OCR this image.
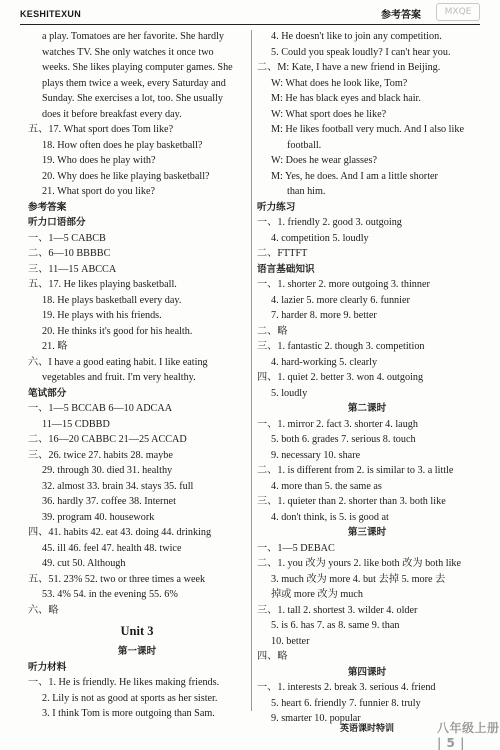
KESHITEXUN	参考答案	MXQE
a play. Tomatoes are her favorite. She hardly
watches TV. She only watches it once two
weeks. She likes playing computer games. She
plays them twice a week, every Saturday and
Sunday. She exercises a lot, too. She usually
does it before breakfast every day.
五、17. What sport does Tom like?
18. How often does he play basketball?
19. Who does he play with?
20. Why does he like playing basketball?
21. What sport do you like?
参考答案
听力口语部分
一、1—5 CABCB
二、6—10 BBBBC
三、11—15 ABCCA
五、17. He likes playing basketball.
18. He plays basketball every day.
19. He plays with his friends.
20. He thinks it's good for his health.
21. 略
六、I have a good eating habit. I like eating
vegetables and fruit. I'm very healthy.
笔试部分
一、1—5 BCCAB 6—10 ADCAA
11—15 CDBBD
二、16—20 CABBC 21—25 ACCAD
三、26. twice 27. habits 28. maybe
29. through 30. died 31. healthy
32. almost 33. brain 34. stays 35. full
36. hardly 37. coffee 38. Internet
39. program 40. housework
四、41. habits 42. eat 43. doing 44. drinking
45. ill 46. feel 47. health 48. twice
49. cut 50. Although
五、51. 23% 52. two or three times a week
53. 4% 54. in the evening 55. 6%
六、略
Unit 3
第一课时
听力材料
一、1. He is friendly. He likes making friends.
2. Lily is not as good at sports as her sister.
3. I think Tom is more outgoing than Sam.
4. He doesn't like to join any competition.
5. Could you speak loudly? I can't hear you.
二、M: Kate, I have a new friend in Beijing.
W: What does he look like, Tom?
M: He has black eyes and black hair.
W: What sport does he like?
M: He likes football very much. And I also like
football.
W: Does he wear glasses?
M: Yes, he does. And I am a little shorter
than him.
听力练习
一、1. friendly 2. good 3. outgoing
4. competition 5. loudly
二、FTTFT
语言基础知识
一、1. shorter 2. more outgoing 3. thinner
4. lazier 5. more clearly 6. funnier
7. harder 8. more 9. better
二、略
三、1. fantastic 2. though 3. competition
4. hard-working 5. clearly
四、1. quiet 2. better 3. won 4. outgoing
5. loudly
第二课时
一、1. mirror 2. fact 3. shorter 4. laugh
5. both 6. grades 7. serious 8. touch
9. necessary 10. share
二、1. is different from 2. is similar to 3. a little
4. more than 5. the same as
三、1. quieter than 2. shorter than 3. both like
4. don't think, is 5. is good at
第三课时
一、1—5 DEBAC
二、1. you 改为 yours 2. like both 改为 both like
3. much 改为 more 4. but 去掉 5. more 去
掉或 more 改为 much
三、1. tall 2. shortest 3. wilder 4. older
5. is 6. has 7. as 8. same 9. than
10. better
四、略
第四课时
一、1. interests 2. break 3. serious 4. friend
5. heart 6. friendly 7. funnier 8. truly
9. smarter 10. popular
英语课时特训	八年级上册 | 5 |
